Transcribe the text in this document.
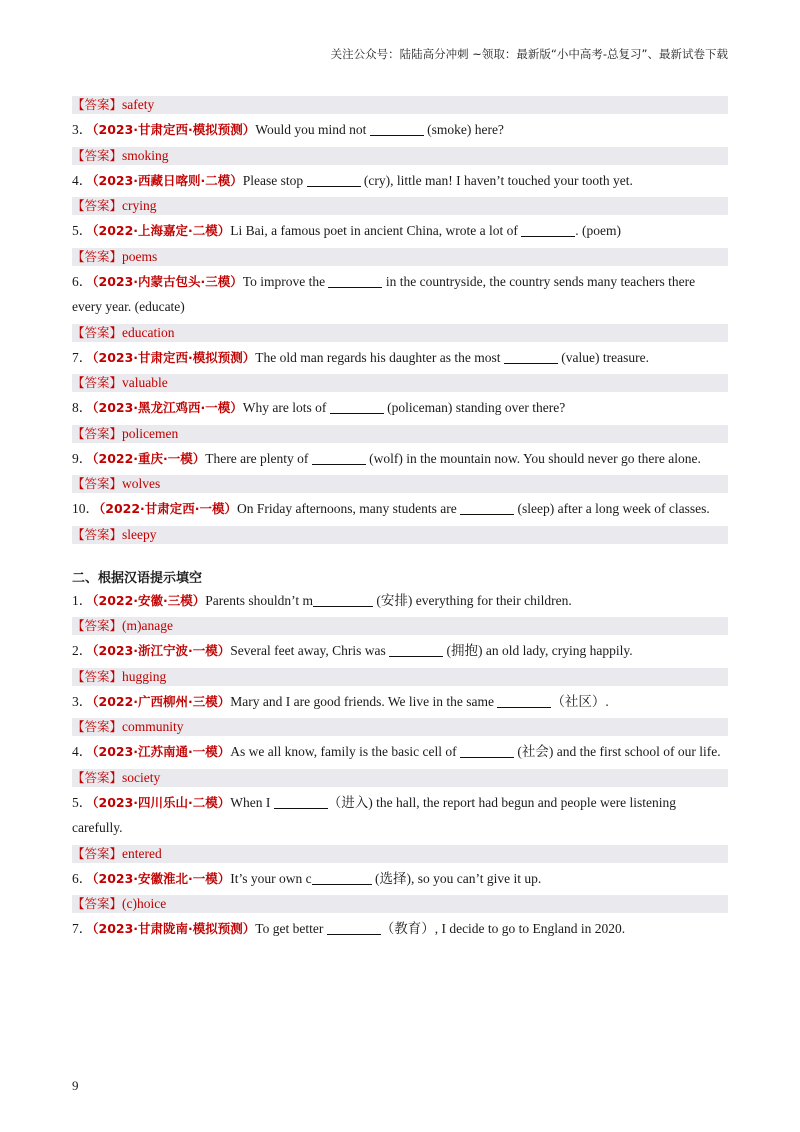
关注公众号：陆陆高分冲刺 ~领取：最新版“小中高考-总复习”、最新试卷下载
【答案】safety

3．（2023·甘肃定西·模拟预测）Would you mind not	(smoke) here?

【答案】smoking

4．（2023·西藏日喀则·二模）Please stop	(cry), little man! I haven’t touched your tooth yet.

【答案】crying

5．（2022·上海嘉定·二模）Li Bai, a famous poet in ancient China, wrote a lot of	. (poem)

【答案】poems

6．（2023·内蒙古包头·三模）To improve the	in the countryside, the country sends many teachers there every year. (educate)

【答案】education

7．（2023·甘肃定西·模拟预测）The old man regards his daughter as the most	(value) treasure.

【答案】valuable

8．（2023·黑龙江鸡西·一模）Why are lots of	(policeman) standing over there?

【答案】policemen

9．（2022·重庆·一模）There are plenty of	(wolf) in the mountain now. You should never go there alone.

【答案】wolves

10．（2022·甘肃定西·一模）On Friday afternoons, many students are	(sleep) after a long week of classes.

【答案】sleepy
二、根据汉语提示填空

1．（2022·安徽·三模）Parents shouldn’t m	(安排) everything for their children.

【答案】(m)anage

2．（2023·浙江宁波·一模）Several feet away, Chris was	(拥抱) an old lady, crying happily.

【答案】hugging

3．（2022·广西柳州·三模）Mary and I are good friends. We live in the same	（社区）.

【答案】community

4．（2023·江苏南通·一模）As we all know, family is the basic cell of	(社会) and the first school of our life.

【答案】society

5．（2023·四川乐山·二模）When I	（进入) the hall, the report had begun and people were listening carefully.

【答案】entered

6．（2023·安徽淮北·一模）It’s your own c	(选择), so you can’t give it up.

【答案】(c)hoice

7．（2023·甘肃陇南·模拟预测）To get better	（教育）, I decide to go to England in 2020.

9
